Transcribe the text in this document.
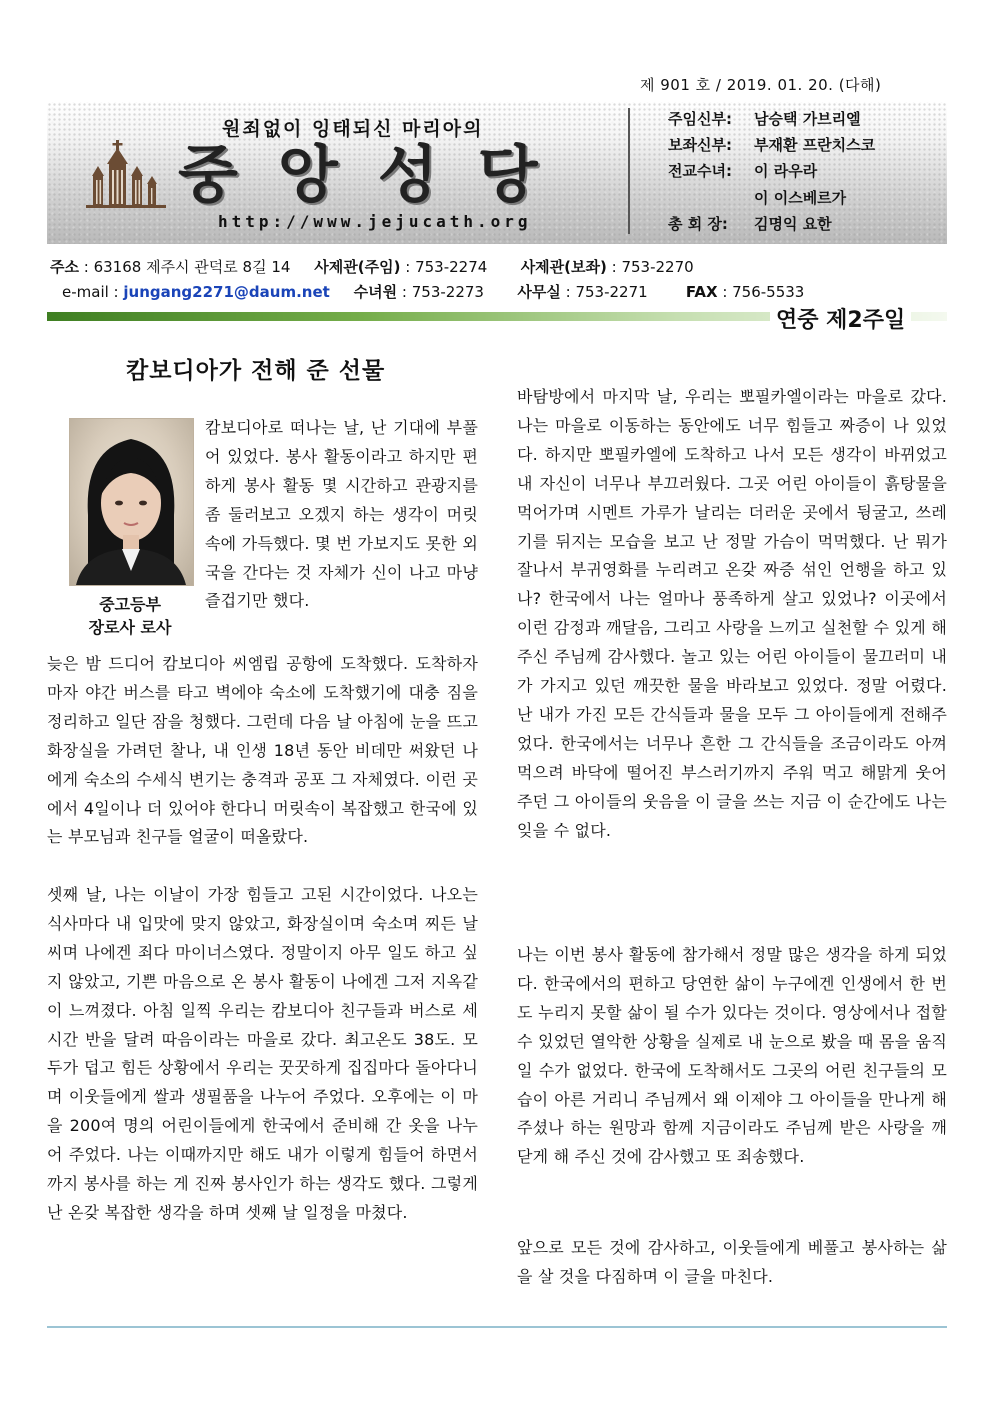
제 901 호 / 2019. 01. 20. (다해)
원죄없이 잉태되신 마리아의
중앙성당
http://www.jejucath.org
주임신부: 남승택 가브리엘
보좌신부: 부재환 프란치스코
전교수녀: 이 라우라
이 이스베르가
총 회 장: 김명익 요한
주소 : 63168 제주시 관덕로 8길 14 사제관(주임) : 753-2274 사제관(보좌) : 753-2270
e-mail : jungang2271@daum.net 수녀원 : 753-2273 사무실 : 753-2271	FAX : 756-5533
연중 제2주일
캄보디아가 전해 준 선물
중고등부
장로사 로사

캄보디아로 떠나는 날, 난 기대에 부풀어 있었다. 봉사 활동이라고 하지만 편하게 봉사 활동 몇 시간하고 관광지를 좀 둘러보고 오겠지 하는 생각이 머릿속에 가득했다. 몇 번 가보지도 못한 외국을 간다는 것 자체가 신이 나고 마냥 즐겁기만 했다.

늦은 밤 드디어 캄보디아 씨엠립 공항에 도착했다. 도착하자마자 야간 버스를 타고 벽에야 숙소에 도착했기에 대충 짐을 정리하고 일단 잠을 청했다. 그런데 다음 날 아침에 눈을 뜨고 화장실을 가려던 찰나, 내 인생 18년 동안 비데만 써왔던 나에게 숙소의 수세식 변기는 충격과 공포 그 자체였다. 이런 곳에서 4일이나 더 있어야 한다니 머릿속이 복잡했고 한국에 있는 부모님과 친구들 얼굴이 떠올랐다.

셋째 날, 나는 이날이 가장 힘들고 고된 시간이었다. 나오는 식사마다 내 입맛에 맞지 않았고, 화장실이며 숙소며 찌든 날씨며 나에겐 죄다 마이너스였다. 정말이지 아무 일도 하고 싶지 않았고, 기쁜 마음으로 온 봉사 활동이 나에겐 그저 지옥같이 느껴졌다. 아침 일찍 우리는 캄보디아 친구들과 버스로 세 시간 반을 달려 따음이라는 마을로 갔다. 최고온도 38도. 모두가 덥고 힘든 상황에서 우리는 꿋꿋하게 집집마다 돌아다니며 이웃들에게 쌀과 생필품을 나누어 주었다. 오후에는 이 마을 200여 명의 어린이들에게 한국에서 준비해 간 옷을 나누어 주었다. 나는 이때까지만 해도 내가 이렇게 힘들어 하면서까지 봉사를 하는 게 진짜 봉사인가 하는 생각도 했다. 그렇게 난 온갖 복잡한 생각을 하며 셋째 날 일정을 마쳤다.

바탐방에서 마지막 날, 우리는 뽀필카엘이라는 마을로 갔다. 나는 마을로 이동하는 동안에도 너무 힘들고 짜증이 나 있었다. 하지만 뽀필카엘에 도착하고 나서 모든 생각이 바뀌었고 내 자신이 너무나 부끄러웠다. 그곳 어린 아이들이 흙탕물을 먹어가며 시멘트 가루가 날리는 더러운 곳에서 뒹굴고, 쓰레기를 뒤지는 모습을 보고 난 정말 가슴이 먹먹했다. 난 뭐가 잘나서 부귀영화를 누리려고 온갖 짜증 섞인 언행을 하고 있나? 한국에서 나는 얼마나 풍족하게 살고 있었나? 이곳에서 이런 감정과 깨달음, 그리고 사랑을 느끼고 실천할 수 있게 해 주신 주님께 감사했다. 놀고 있는 어린 아이들이 물끄러미 내가 가지고 있던 깨끗한 물을 바라보고 있었다. 정말 어렸다. 난 내가 가진 모든 간식들과 물을 모두 그 아이들에게 전해주었다. 한국에서는 너무나 흔한 그 간식들을 조금이라도 아껴 먹으려 바닥에 떨어진 부스러기까지 주워 먹고 해맑게 웃어 주던 그 아이들의 웃음을 이 글을 쓰는 지금 이 순간에도 나는 잊을 수 없다.

나는 이번 봉사 활동에 참가해서 정말 많은 생각을 하게 되었다. 한국에서의 편하고 당연한 삶이 누구에겐 인생에서 한 번도 누리지 못할 삶이 될 수가 있다는 것이다. 영상에서나 접할 수 있었던 열악한 상황을 실제로 내 눈으로 봤을 때 몸을 움직일 수가 없었다. 한국에 도착해서도 그곳의 어린 친구들의 모습이 아른 거리니 주님께서 왜 이제야 그 아이들을 만나게 해 주셨나 하는 원망과 함께 지금이라도 주님께 받은 사랑을 깨닫게 해 주신 것에 감사했고 또 죄송했다.

앞으로 모든 것에 감사하고, 이웃들에게 베풀고 봉사하는 삶을 살 것을 다짐하며 이 글을 마친다.
